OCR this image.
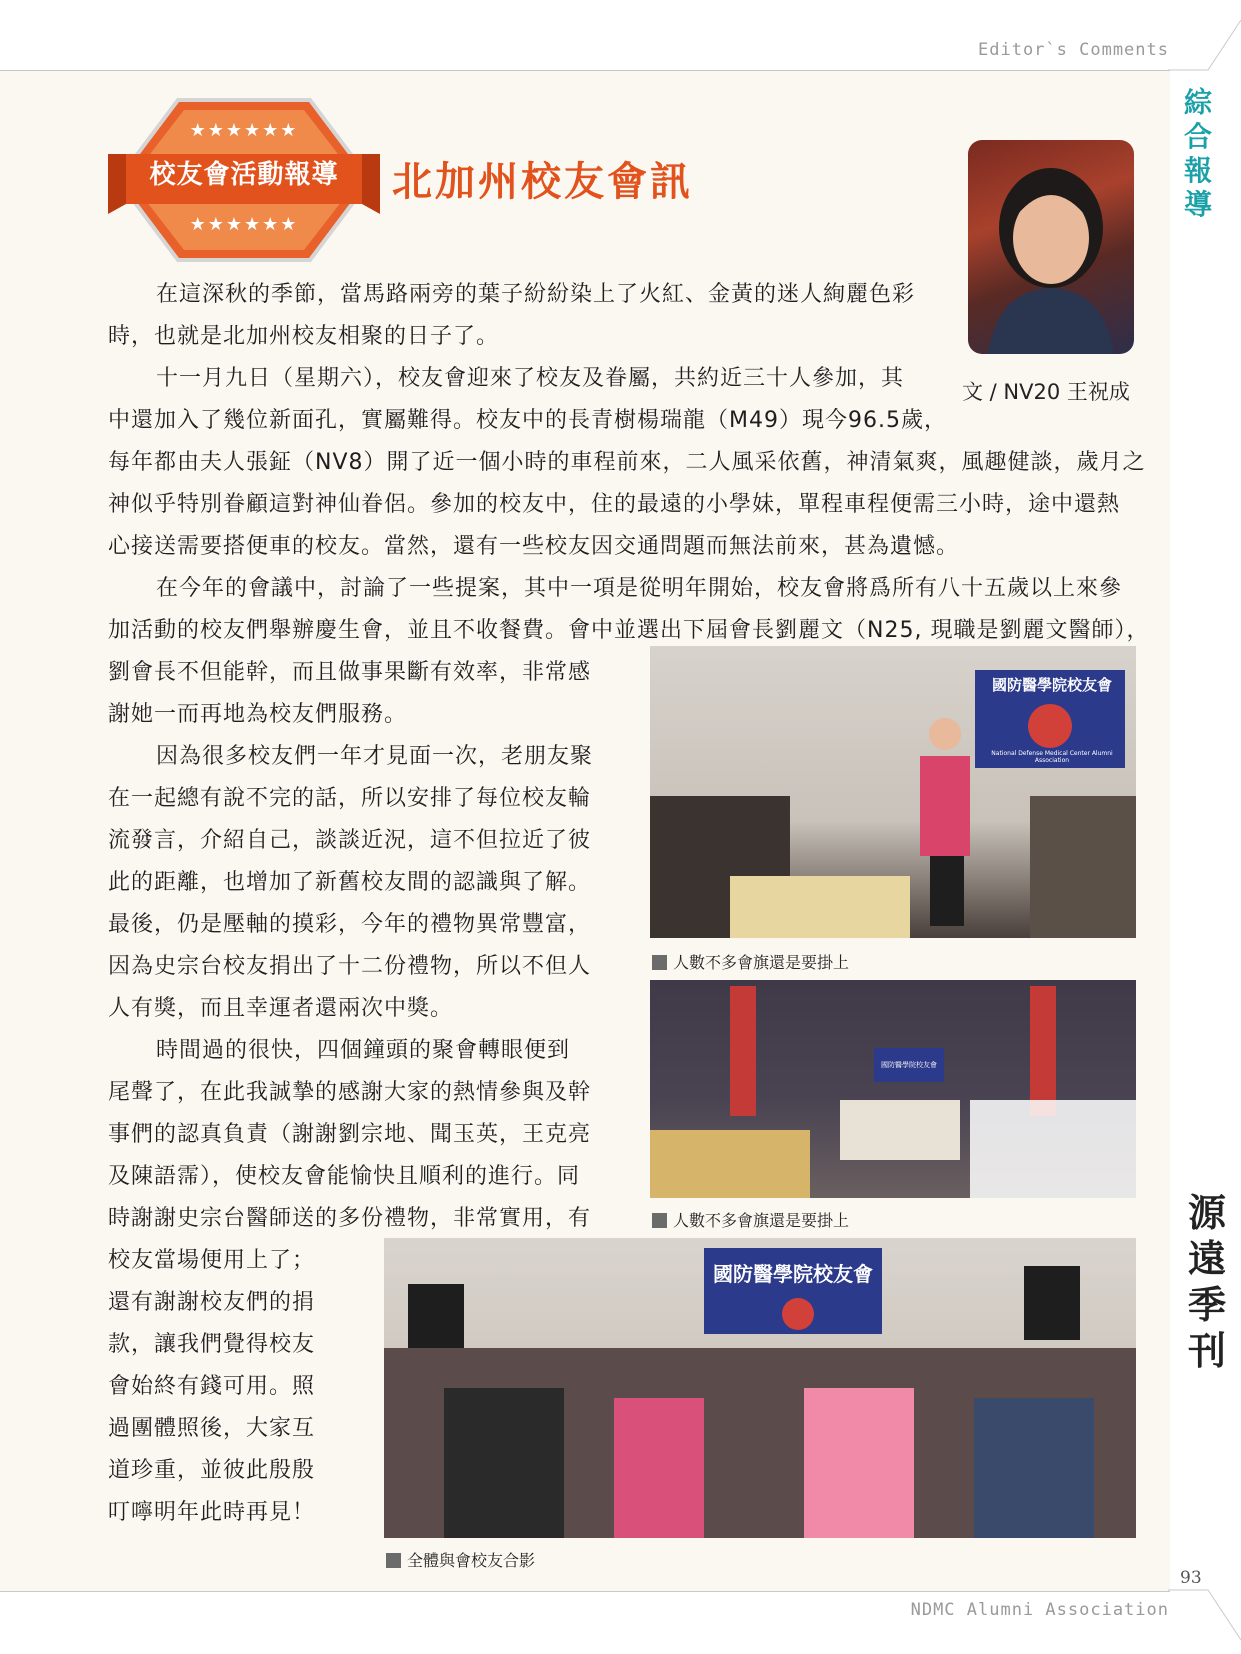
Editor`s Comments
NDMC Alumni Association
綜合報導
源遠季刊
93
★★★★★★
校友會活動報導
★★★★★★
北加州校友會訊
文 / NV20 王祝成
在這深秋的季節，當馬路兩旁的葉子紛紛染上了火紅、金黃的迷人絢麗色彩
時，也就是北加州校友相聚的日子了。
十一月九日（星期六），校友會迎來了校友及眷屬，共約近三十人參加，其
中還加入了幾位新面孔，實屬難得。校友中的長青樹楊瑞龍（M49）現今96.5歲，
每年都由夫人張鉦（NV8）開了近一個小時的車程前來，二人風采依舊，神清氣爽，風趣健談，歲月之
神似乎特別眷顧這對神仙眷侶。參加的校友中，住的最遠的小學妹，單程車程便需三小時，途中還熱
心接送需要搭便車的校友。當然，還有一些校友因交通問題而無法前來，甚為遺憾。
在今年的會議中，討論了一些提案，其中一項是從明年開始，校友會將爲所有八十五歲以上來參
加活動的校友們舉辦慶生會，並且不收餐費。會中並選出下屆會長劉麗文（N25, 現職是劉麗文醫師），
劉會長不但能幹，而且做事果斷有效率，非常感
謝她一而再地為校友們服務。
因為很多校友們一年才見面一次，老朋友聚
在一起總有說不完的話，所以安排了每位校友輪
流發言，介紹自己，談談近況，這不但拉近了彼
此的距離，也增加了新舊校友間的認識與了解。
最後，仍是壓軸的摸彩，今年的禮物異常豐富，
因為史宗台校友捐出了十二份禮物，所以不但人
人有獎，而且幸運者還兩次中獎。
時間過的很快，四個鐘頭的聚會轉眼便到
尾聲了，在此我誠摯的感謝大家的熱情參與及幹
事們的認真負責（謝謝劉宗地、聞玉英，王克亮
及陳語霈），使校友會能愉快且順利的進行。同
時謝謝史宗台醫師送的多份禮物，非常實用，有
校友當場便用上了；
還有謝謝校友們的捐
款，讓我們覺得校友
會始終有錢可用。照
過團體照後，大家互
道珍重，並彼此殷殷
叮嚀明年此時再見！
國防醫學院校友會
National Defense Medical Center Alumni Association
人數不多會旗還是要掛上
國防醫學院校友會
人數不多會旗還是要掛上
國防醫學院校友會
全體與會校友合影
